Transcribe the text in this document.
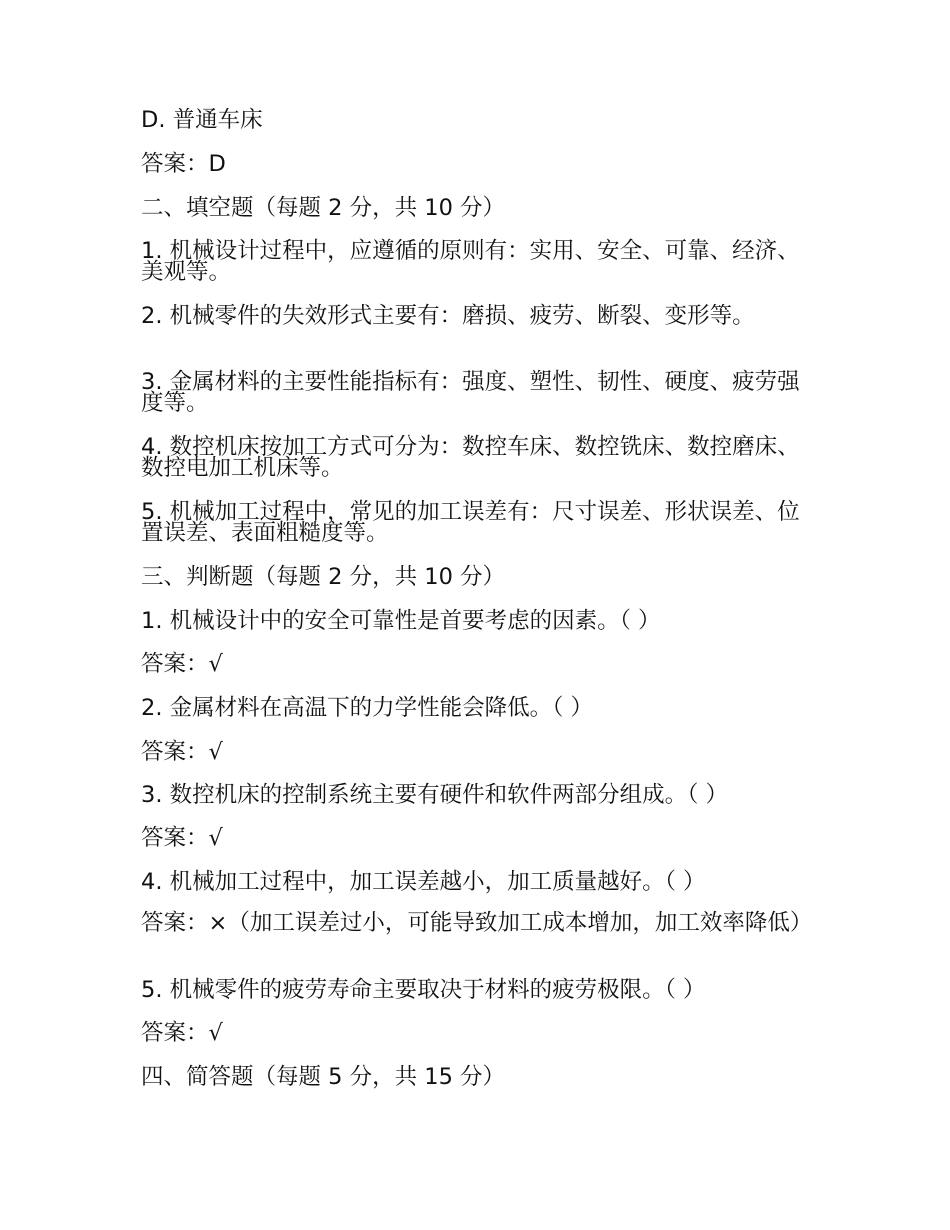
D. 普通车床
答案：D
二、填空题（每题 2 分，共 10 分）
1. 机械设计过程中，应遵循的原则有：实用、安全、可靠、经济、美观等。
2. 机械零件的失效形式主要有：磨损、疲劳、断裂、变形等。
3. 金属材料的主要性能指标有：强度、塑性、韧性、硬度、疲劳强度等。
4. 数控机床按加工方式可分为：数控车床、数控铣床、数控磨床、数控电加工机床等。
5. 机械加工过程中，常见的加工误差有：尺寸误差、形状误差、位置误差、表面粗糙度等。
三、判断题（每题 2 分，共 10 分）
1. 机械设计中的安全可靠性是首要考虑的因素。（ ）
答案：√
2. 金属材料在高温下的力学性能会降低。（ ）
答案：√
3. 数控机床的控制系统主要有硬件和软件两部分组成。（ ）
答案：√
4. 机械加工过程中，加工误差越小，加工质量越好。（ ）
答案：×（加工误差过小，可能导致加工成本增加，加工效率降低）
5. 机械零件的疲劳寿命主要取决于材料的疲劳极限。（ ）
答案：√
四、简答题（每题 5 分，共 15 分）
